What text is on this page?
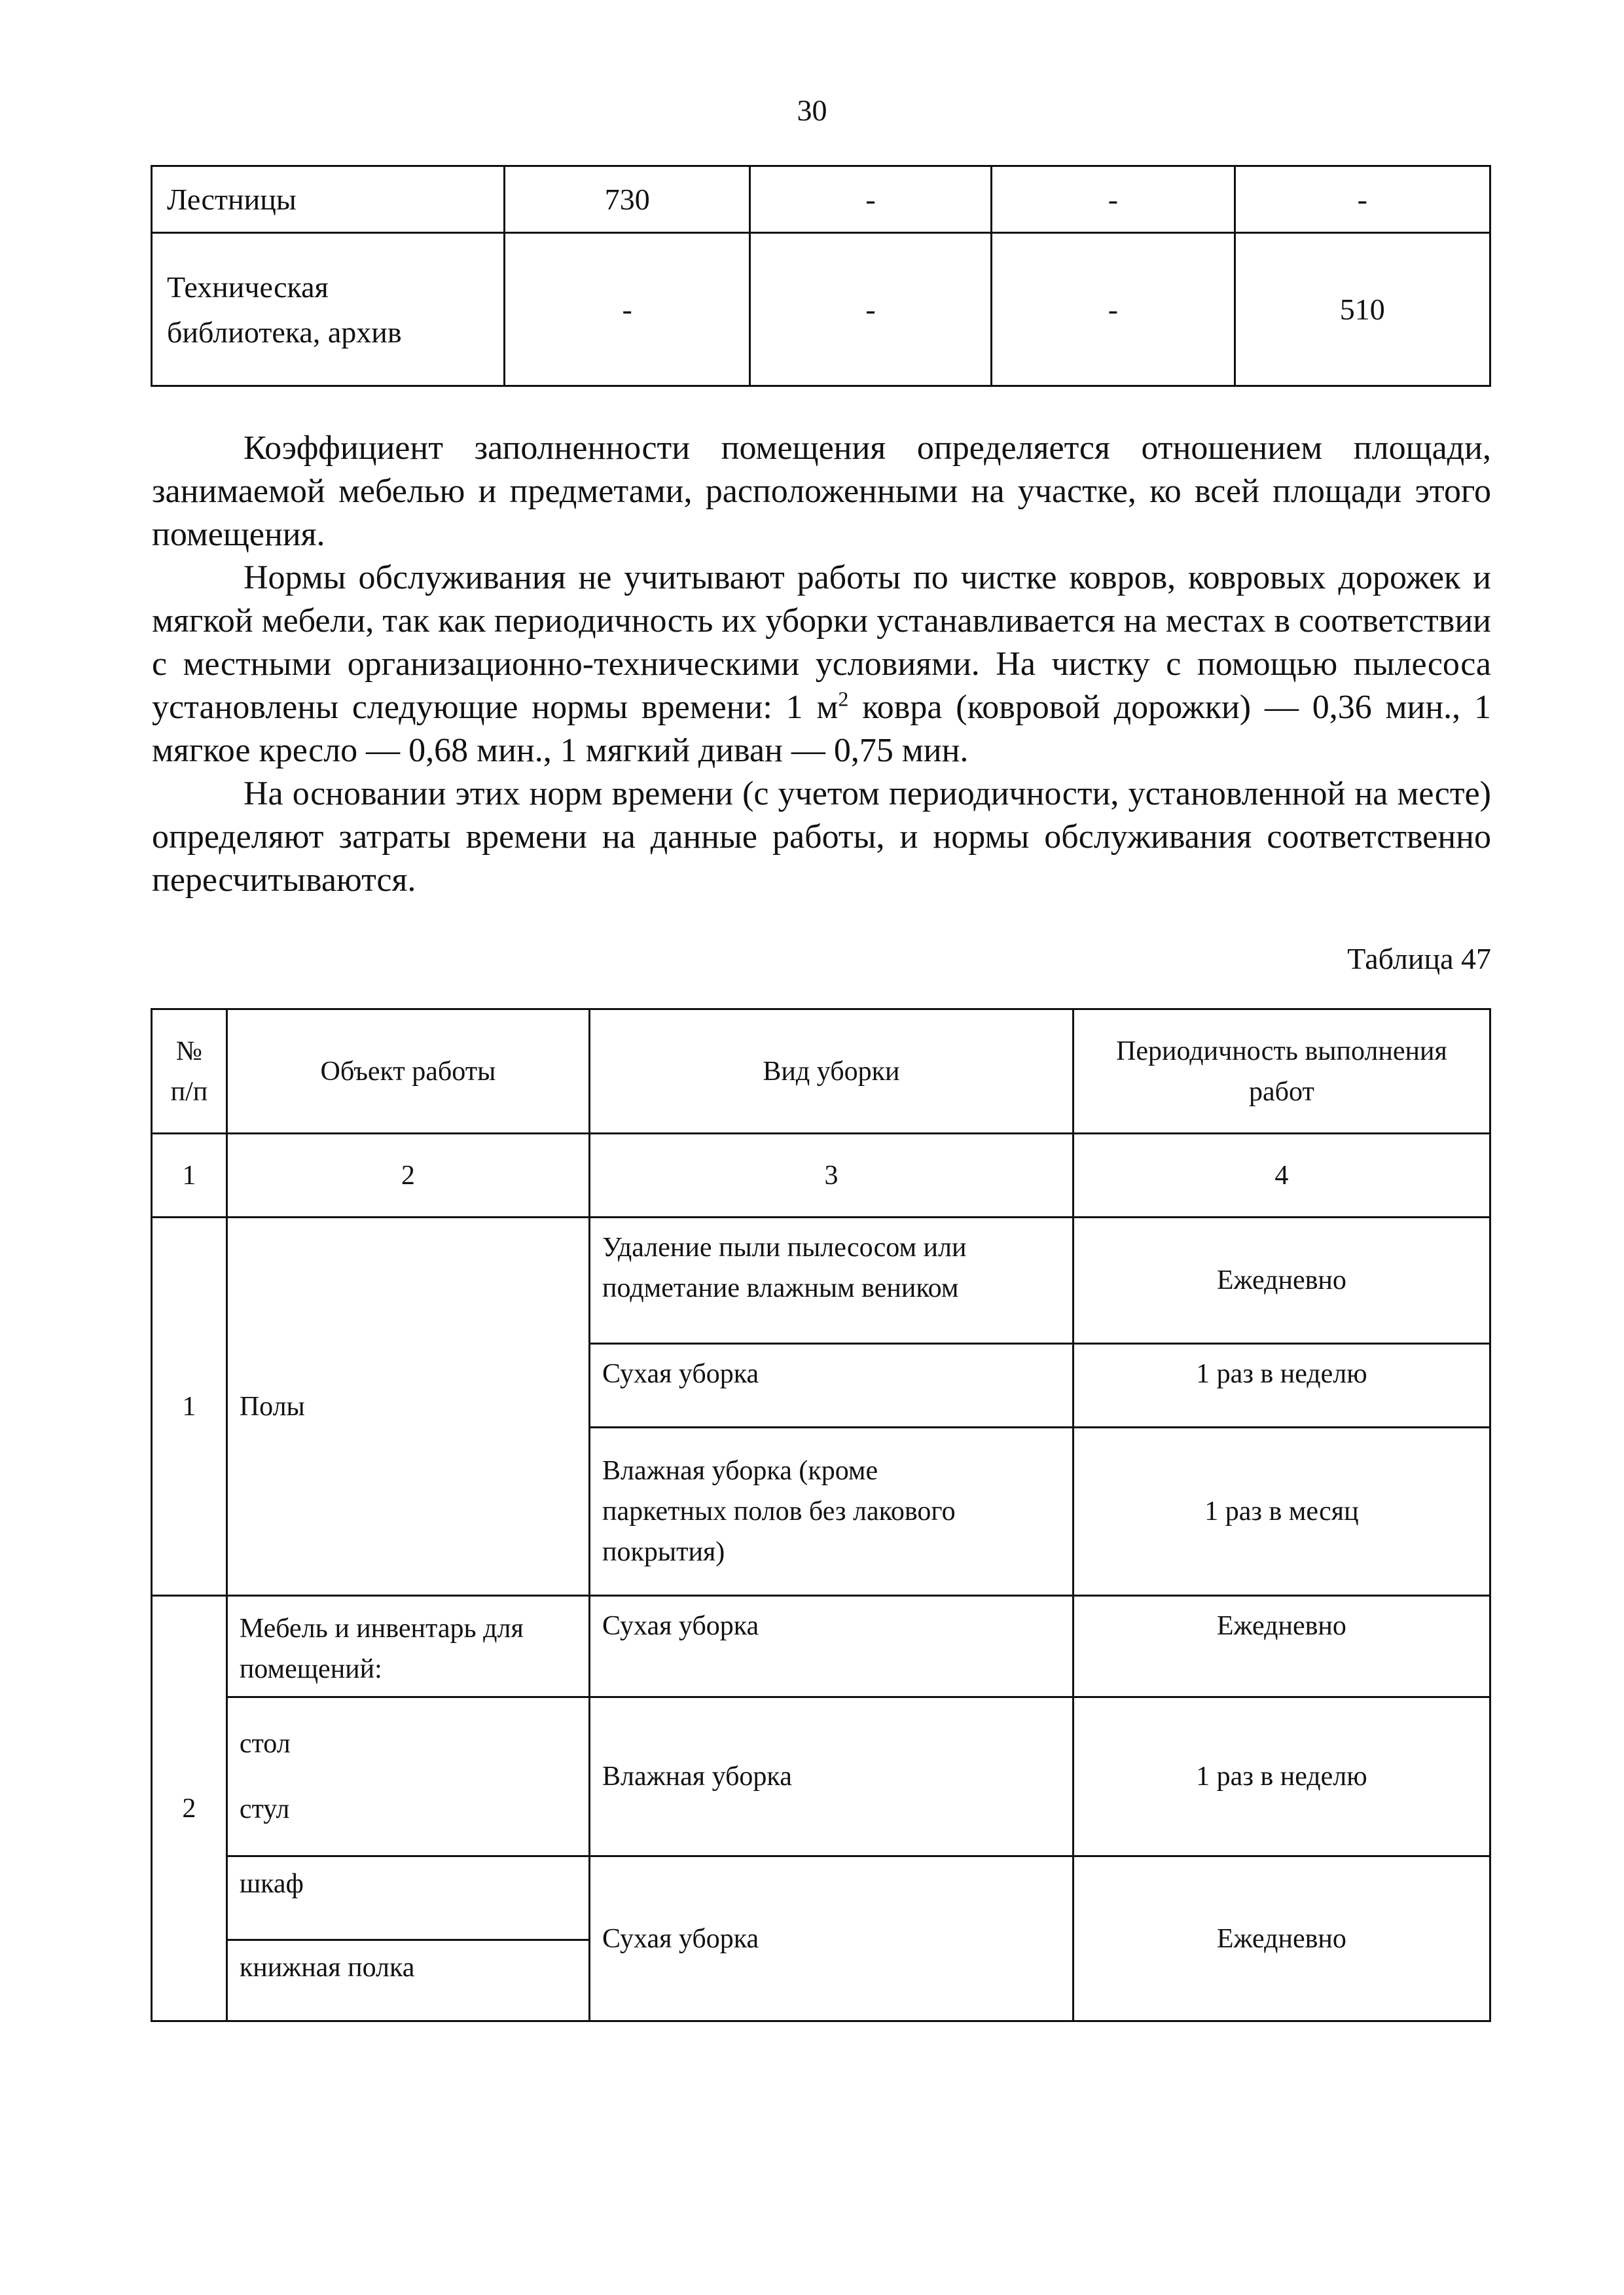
30
Лестницы	730	-	-	-

Техническая
библиотека, архив	-	-	-	510

Коэффициент заполненности помещения определяется отношением площади, занимаемой мебелью и предметами, расположенными на участке, ко всей площади этого помещения.

Нормы обслуживания не учитывают работы по чистке ковров, ковровых дорожек и мягкой мебели, так как периодичность их уборки устанавливается на местах в соответствии с местными организационно-техническими условиями. На чистку с помощью пылесоса установлены следующие нормы времени: 1 $м^2$ ковра (ковровой дорожки) — 0,36 мин., 1 мягкое кресло — 0,68 мин., 1 мягкий диван — 0,75 мин.

На основании этих норм времени (с учетом периодичности, установленной на месте) определяют затраты времени на данные работы, и нормы обслуживания соответственно пересчитываются.

Таблица 47
№
п/п	Объект работы	Вид уборки	Периодичность выполнения
работ

1	2	3	4
1	Полы	Удаление пыли пылесосом или
подметание влажным веником	Ежедневно
		Сухая уборка	1 раз в неделю

		Влажная уборка (кроме
паркетных полов без лакового
покрытия)	1 раз в месяц
2	Мебель и инвентарь для
помещений:	Сухая уборка	Ежедневно

	стол
стул	Влажная уборка	1 раз в неделю
	шкаф	Сухая уборка	Ежедневно
	книжная полка		
